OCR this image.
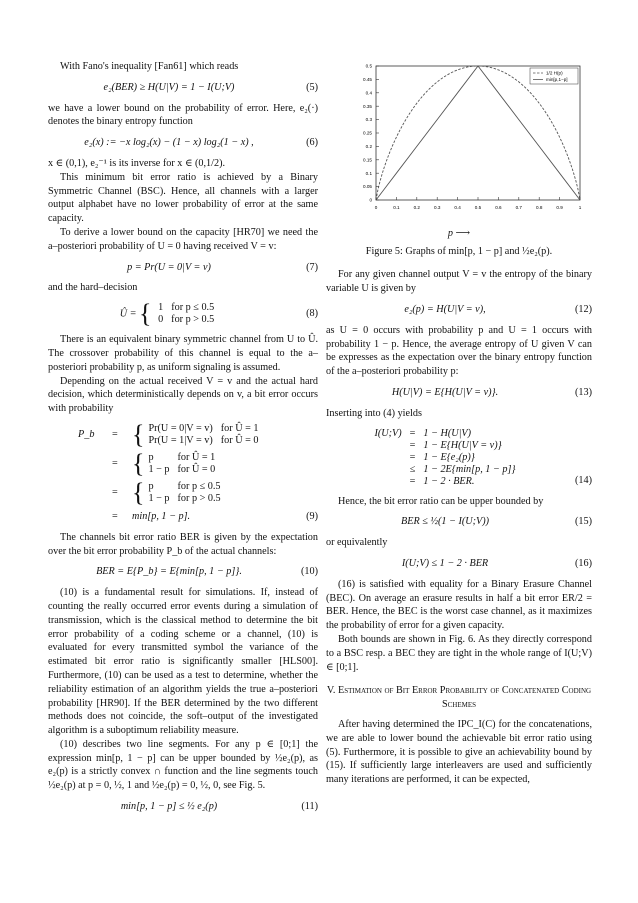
With Fano's inequality [Fan61] which reads

e₂(BER) ≥ H(U|V) = 1 − I(U;V)	(5)

we have a lower bound on the probability of error. Here, e₂(·) denotes the binary entropy function

e₂(x) := −x log₂(x) − (1 − x) log₂(1 − x) ,	(6)

x ∈ (0,1), e₂⁻¹ is its inverse for x ∈ (0,1/2).

This minimum bit error ratio is achieved by a Binary Symmetric Channel (BSC). Hence, all channels with a larger output alphabet have no lower probability of error at the same capacity.

To derive a lower bound on the capacity [HR70] we need the a–posteriori probability of U = 0 having received V = v:

p = Pr(U = 0|V = v)	(7)

and the hard–decision

Û = { 1	for p ≤ 0.5
0	for p > 0.5
(8)

There is an equivalent binary symmetric channel from U to Û. The crossover probability of this channel is equal to the a–posteriori probability p, as uniform signaling is assumed.

Depending on the actual received V = v and the actual hard decision, which deterministically depends on v, a bit error occurs with probability

P_b	= { Pr(U = 0|V = v)	for Û = 1
Pr(U = 1|V = v)	for Û = 0
= { p	for Û = 1
1 − p	for Û = 0
= { p	for p ≤ 0.5
1 − p	for p > 0.5
=	min[p, 1 − p].	(9)

The channels bit error ratio BER is given by the expectation over the bit error probability P_b of the actual channels:

BER = E{P_b} = E{min[p, 1 − p]}.	(10)

(10) is a fundamental result for simulations. If, instead of counting the really occurred error events during a simulation of transmission, which is the classical method to determine the bit error probability of a coding scheme or a channel, (10) is evaluated for every transmitted symbol the variance of the estimated bit error ratio is significantly smaller [HLS00]. Furthermore, (10) can be used as a test to determine, whether the reliability estimation of an algorithm yields the true a–posteriori probability [HR90]. If the BER determined by the two different methods does not coincide, the soft–output of the investigated algorithm is a suboptimum reliability measure.

(10) describes two line segments. For any p ∈ [0;1] the expression min[p, 1 − p] can be upper bounded by ½e₂(p), as e₂(p) is a strictly convex ∩ function and the line segments touch ½e₂(p) at p = 0, ½, 1 and ½e₂(p) = 0, ½, 0, see Fig. 5.

min[p, 1 − p] ≤ ½ e₂(p)	(11)
0	0.1	0.2	0.3	0.4	0.5	0.6	0.7	0.8	0.9	1
0
0.05
0.1
0.15
0.2
0.25
0.3
0.35
0.4
0.45
0.5
1/2 H(p)
min[p,1−p]
p ⟶
Figure 5: Graphs of min[p, 1 − p] and ½e₂(p).

For any given channel output V = v the entropy of the binary variable U is given by

e₂(p) = H(U|V = v),	(12)

as U = 0 occurs with probability p and U = 1 occurs with probability 1 − p. Hence, the average entropy of U given V can be expresses as the expectation over the binary entropy function of the a–posteriori probability p:

H(U|V) = E{H(U|V = v)}.	(13)

Inserting into (4) yields

I(U;V)	=	1 − H(U|V)
	=	1 − E{H(U|V = v)}
	=	1 − E{e₂(p)}
	≤	1 − 2E{min[p, 1 − p]}
	=	1 − 2 · BER.	(14)

Hence, the bit error ratio can be upper bounded by

BER ≤ ½(1 − I(U;V))	(15)

or equivalently

I(U;V) ≤ 1 − 2 · BER	(16)

(16) is satisfied with equality for a Binary Erasure Channel (BEC). On average an erasure results in half a bit error ER/2 = BER. Hence, the BEC is the worst case channel, as it maximizes the probability of error for a given capacity.

Both bounds are shown in Fig. 6. As they directly correspond to a BSC resp. a BEC they are tight in the whole range of I(U;V) ∈ [0;1].

V. Estimation of Bit Error Probability of Concatenated Coding Schemes

After having determined the IPC_I(C) for the concatenations, we are able to lower bound the achievable bit error ratio using (5). Furthermore, it is possible to give an achievability bound by (15). If sufficiently large interleavers are used and sufficiently many iterations are performed, it can be expected,
